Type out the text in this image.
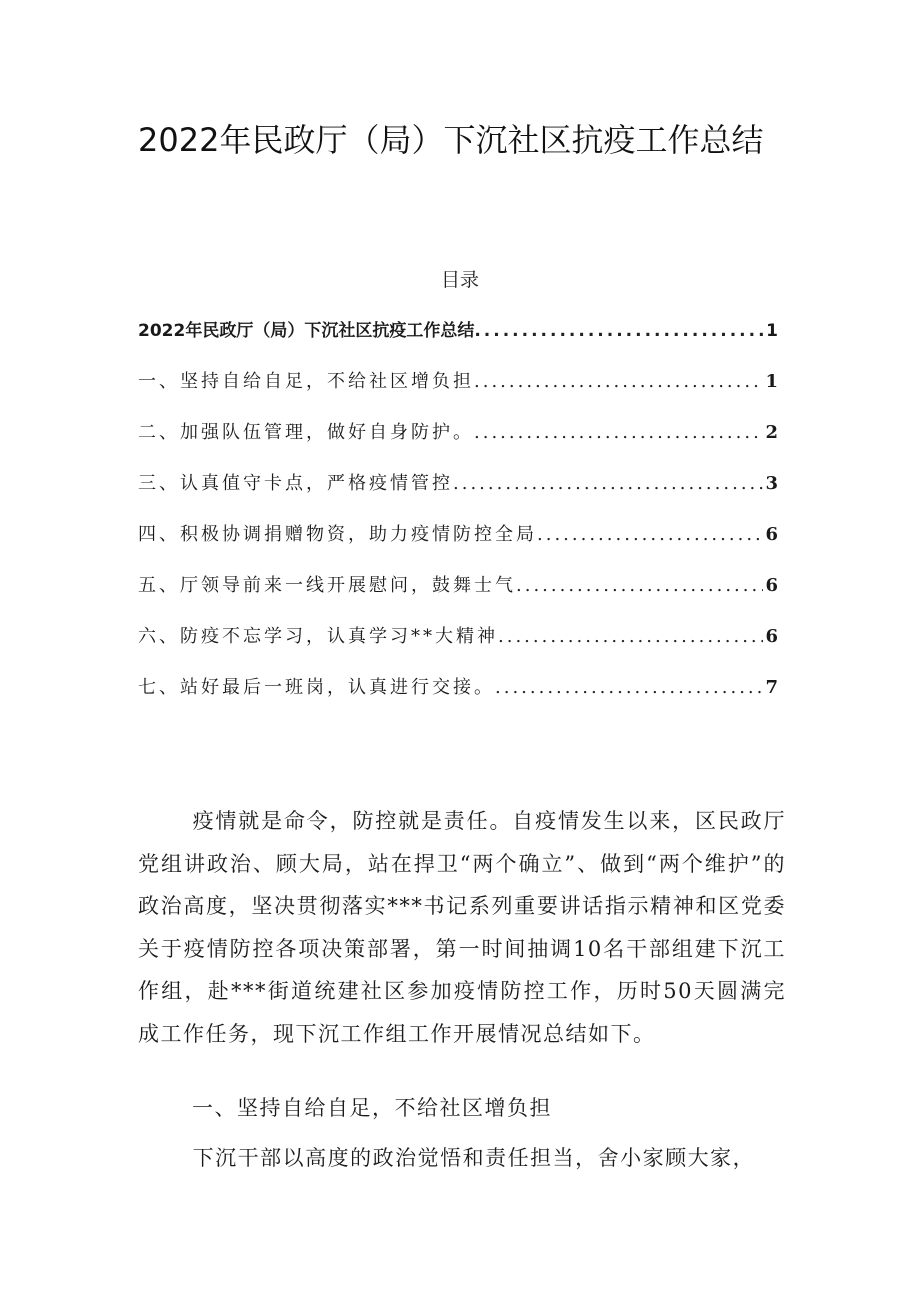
2022年民政厅（局）下沉社区抗疫工作总结
目录
2022年民政厅（局）下沉社区抗疫工作总结 .....	1
一、坚持自给自足，不给社区增负担 .....	1
二、加强队伍管理，做好自身防护。 .....	2
三、认真值守卡点，严格疫情管控 .....	3
四、积极协调捐赠物资，助力疫情防控全局 .....	6
五、厅领导前来一线开展慰问，鼓舞士气 .....	6
六、防疫不忘学习，认真学习**大精神 .....	6
七、站好最后一班岗，认真进行交接。 .....	7

疫情就是命令，防控就是责任。自疫情发生以来，区民政厅党组讲政治、顾大局，站在捍卫“两个确立”、做到“两个维护”的政治高度，坚决贯彻落实***书记系列重要讲话指示精神和区党委关于疫情防控各项决策部署，第一时间抽调10名干部组建下沉工作组，赴***街道统建社区参加疫情防控工作，历时50天圆满完成工作任务，现下沉工作组工作开展情况总结如下。

一、坚持自给自足，不给社区增负担

下沉干部以高度的政治觉悟和责任担当，舍小家顾大家，
